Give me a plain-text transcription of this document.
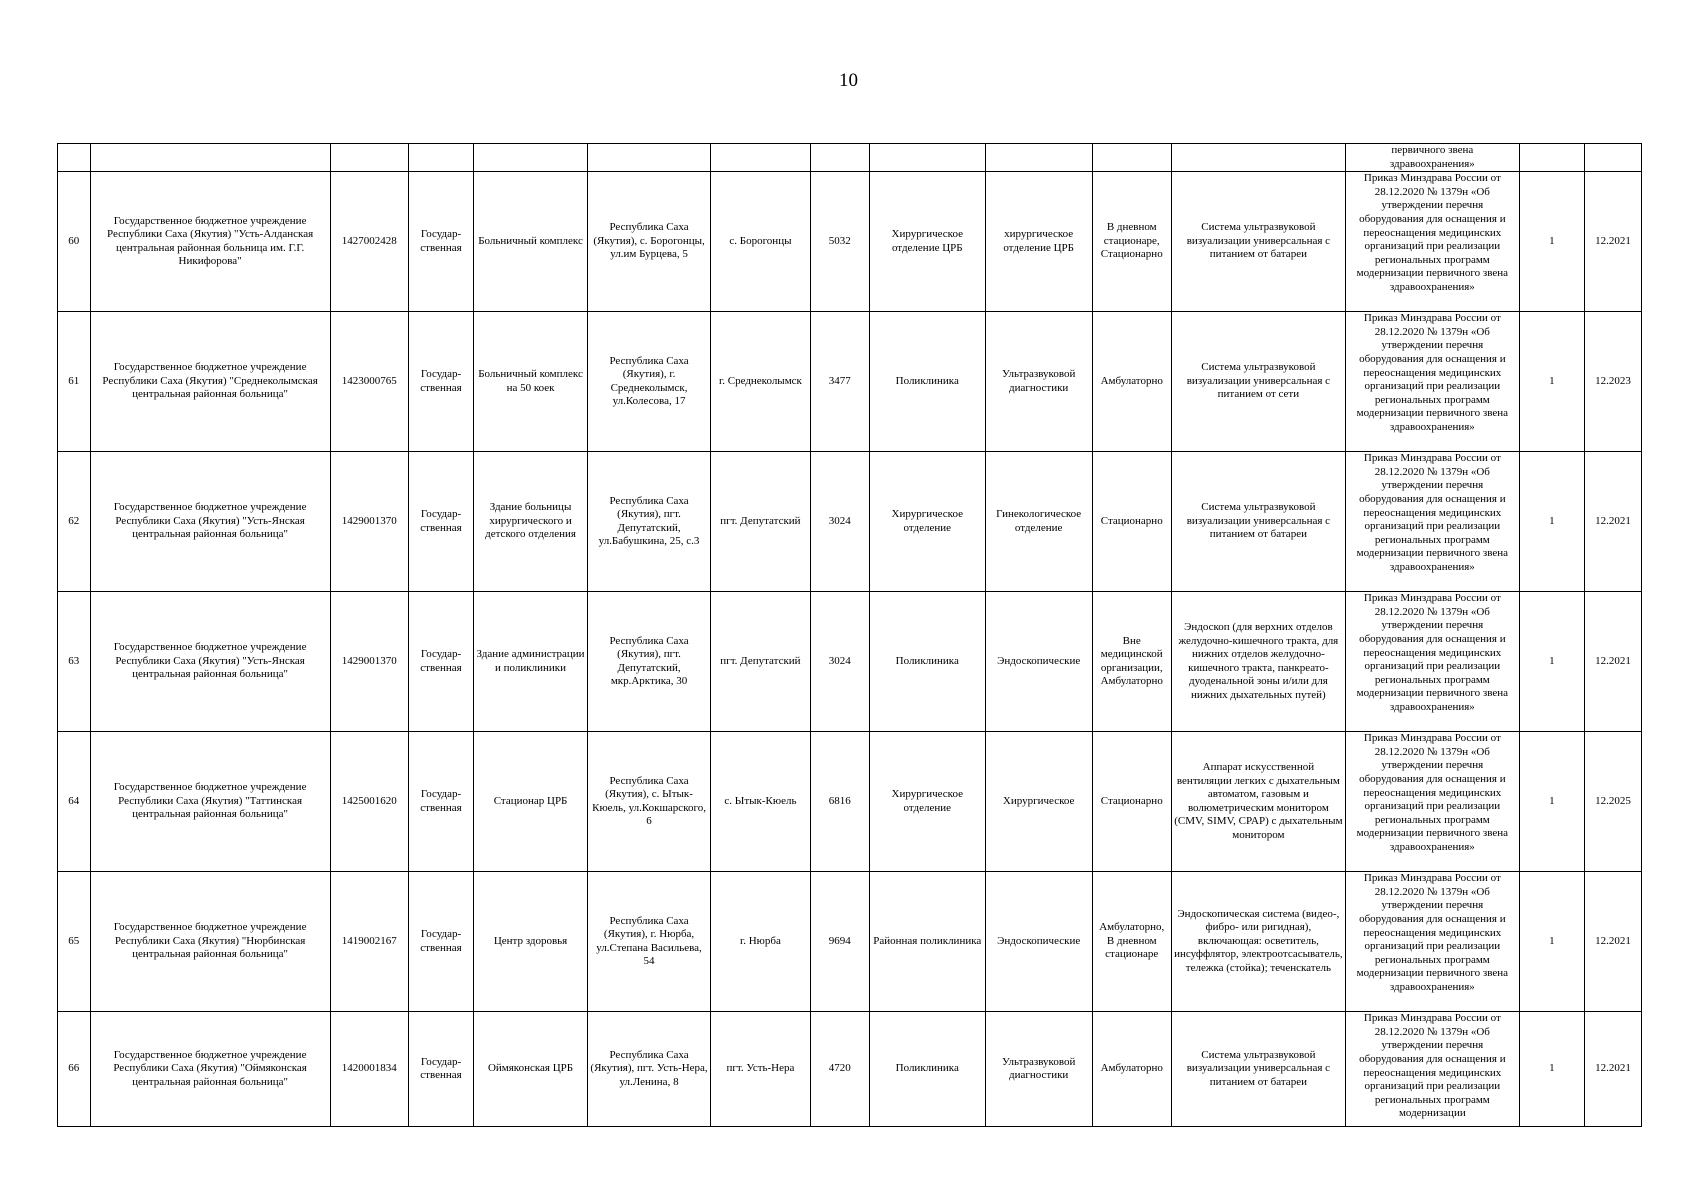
10
												первичного звена здравоохранения»		
60	Государственное бюджетное учреждение Республики Саха (Якутия) "Усть-Алданская центральная районная больница им. Г.Г. Никифорова"	1427002428	Государ-ственная	Больничный комплекс	Республика Саха (Якутия), с. Борогонцы, ул.им Бурцева, 5	с. Борогонцы	5032	Хирургическое отделение ЦРБ	хирургическое отделение ЦРБ	В дневном стационаре, Стационарно	Система ультразвуковой визуализации универсальная с питанием от батареи	Приказ Минздрава России от 28.12.2020 № 1379н «Об утверждении перечня оборудования для оснащения и переоснащения медицинских организаций при реализации региональных программ модернизации первичного звена здравоохранения»	1	12.2021
61	Государственное бюджетное учреждение Республики Саха (Якутия) "Среднеколымская центральная районная больница"	1423000765	Государ-ственная	Больничный комплекс на 50 коек	Республика Саха (Якутия), г. Среднеколымск, ул.Колесова, 17	г. Среднеколымск	3477	Поликлиника	Ультразвуковой диагностики	Амбулаторно	Система ультразвуковой визуализации универсальная с питанием от сети	Приказ Минздрава России от 28.12.2020 № 1379н «Об утверждении перечня оборудования для оснащения и переоснащения медицинских организаций при реализации региональных программ модернизации первичного звена здравоохранения»	1	12.2023
62	Государственное бюджетное учреждение Республики Саха (Якутия) "Усть-Янская центральная районная больница"	1429001370	Государ-ственная	Здание больницы хирургического и детского отделения	Республика Саха (Якутия), пгт. Депутатский, ул.Бабушкина, 25, с.3	пгт. Депутатский	3024	Хирургическое отделение	Гинекологическое отделение	Стационарно	Система ультразвуковой визуализации универсальная с питанием от батареи	Приказ Минздрава России от 28.12.2020 № 1379н «Об утверждении перечня оборудования для оснащения и переоснащения медицинских организаций при реализации региональных программ модернизации первичного звена здравоохранения»	1	12.2021
63	Государственное бюджетное учреждение Республики Саха (Якутия) "Усть-Янская центральная районная больница"	1429001370	Государ-ственная	Здание администрации и поликлиники	Республика Саха (Якутия), пгт. Депутатский, мкр.Арктика, 30	пгт. Депутатский	3024	Поликлиника	Эндоскопические	Вне медицинской организации, Амбулаторно	Эндоскоп (для верхних отделов желудочно-кишечного тракта, для нижних отделов желудочно-кишечного тракта, панкреато-дуоденальной зоны и/или для нижних дыхательных путей)	Приказ Минздрава России от 28.12.2020 № 1379н «Об утверждении перечня оборудования для оснащения и переоснащения медицинских организаций при реализации региональных программ модернизации первичного звена здравоохранения»	1	12.2021
64	Государственное бюджетное учреждение Республики Саха (Якутия) "Таттинская центральная районная больница"	1425001620	Государ-ственная	Стационар ЦРБ	Республика Саха (Якутия), с. Ытык-Кюель, ул.Кокшарского, 6	с. Ытык-Кюель	6816	Хирургическое отделение	Хирургическое	Стационарно	Аппарат искусственной вентиляции легких с дыхательным автоматом, газовым и волюметрическим монитором (CMV, SIMV, CPAP) с дыхательным монитором	Приказ Минздрава России от 28.12.2020 № 1379н «Об утверждении перечня оборудования для оснащения и переоснащения медицинских организаций при реализации региональных программ модернизации первичного звена здравоохранения»	1	12.2025
65	Государственное бюджетное учреждение Республики Саха (Якутия) "Нюрбинская центральная районная больница"	1419002167	Государ-ственная	Центр здоровья	Республика Саха (Якутия), г. Нюрба, ул.Степана Васильева, 54	г. Нюрба	9694	Районная поликлиника	Эндоскопические	Амбулаторно, В дневном стационаре	Эндоскопическая система (видео-, фибро- или ригидная), включающая: осветитель, инсуффлятор, электроотсасыватель, тележка (стойка); теченскатель	Приказ Минздрава России от 28.12.2020 № 1379н «Об утверждении перечня оборудования для оснащения и переоснащения медицинских организаций при реализации региональных программ модернизации первичного звена здравоохранения»	1	12.2021
66	Государственное бюджетное учреждение Республики Саха (Якутия) "Оймяконская центральная районная больница"	1420001834	Государ-ственная	Оймяконская ЦРБ	Республика Саха (Якутия), пгт. Усть-Нера, ул.Ленина, 8	пгт. Усть-Нера	4720	Поликлиника	Ультразвуковой диагностики	Амбулаторно	Система ультразвуковой визуализации универсальная с питанием от батареи	Приказ Минздрава России от 28.12.2020 № 1379н «Об утверждении перечня оборудования для оснащения и переоснащения медицинских организаций при реализации региональных программ модернизации	1	12.2021
